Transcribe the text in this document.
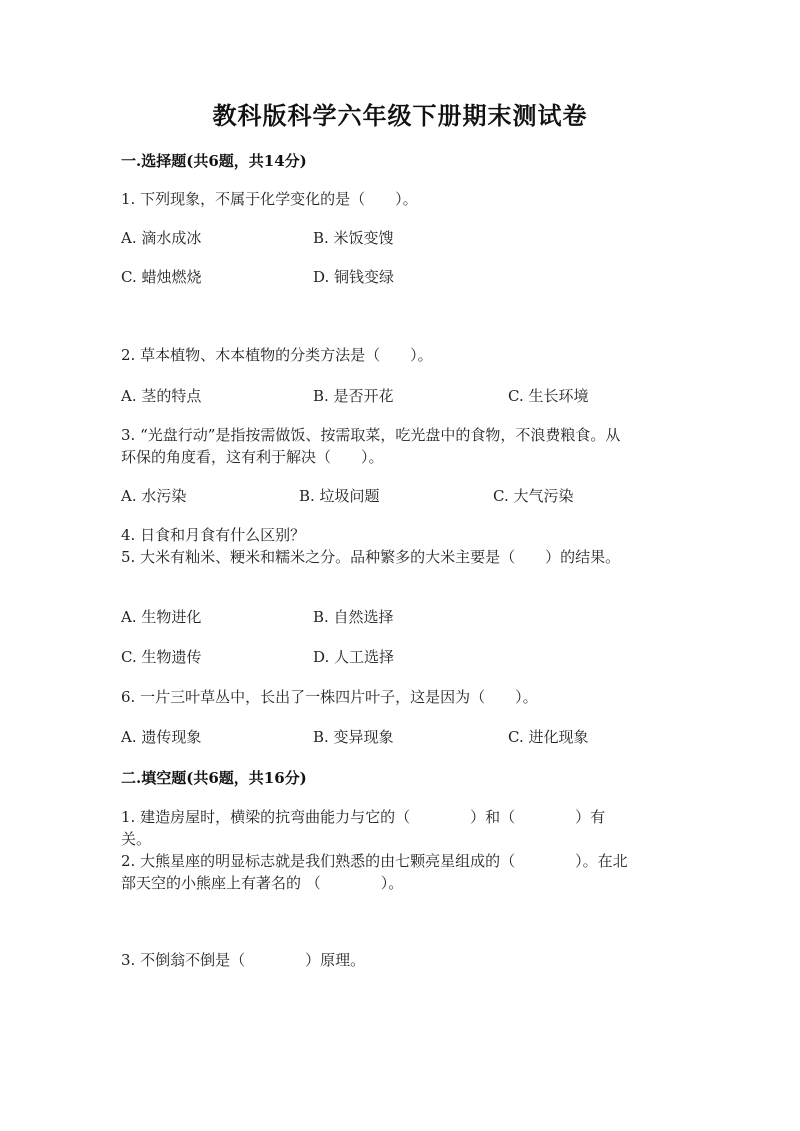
教科版科学六年级下册期末测试卷
一.选择题(共6题，共14分)
1. 下列现象，不属于化学变化的是（　　）。
A. 滴水成冰	B. 米饭变馊
C. 蜡烛燃烧	D. 铜钱变绿
2. 草本植物、木本植物的分类方法是（　　）。
A. 茎的特点	B. 是否开花	C. 生长环境
3. “光盘行动”是指按需做饭、按需取菜，吃光盘中的食物，不浪费粮食。从
环保的角度看，这有利于解决（　　）。
A. 水污染	B. 垃圾问题	C. 大气污染
4. 日食和月食有什么区别？
5. 大米有籼米、粳米和糯米之分。品种繁多的大米主要是（　　）的结果。
A. 生物进化	B. 自然选择
C. 生物遗传	D. 人工选择
6. 一片三叶草丛中，长出了一株四片叶子，这是因为（　　）。
A. 遗传现象	B. 变异现象	C. 进化现象
二.填空题(共6题，共16分)
1. 建造房屋时，横梁的抗弯曲能力与它的（　　　　）和（　　　　）有
关。
2. 大熊星座的明显标志就是我们熟悉的由七颗亮星组成的（　　　　）。在北
部天空的小熊座上有著名的 （　　　　）。
3. 不倒翁不倒是（　　　　）原理。
